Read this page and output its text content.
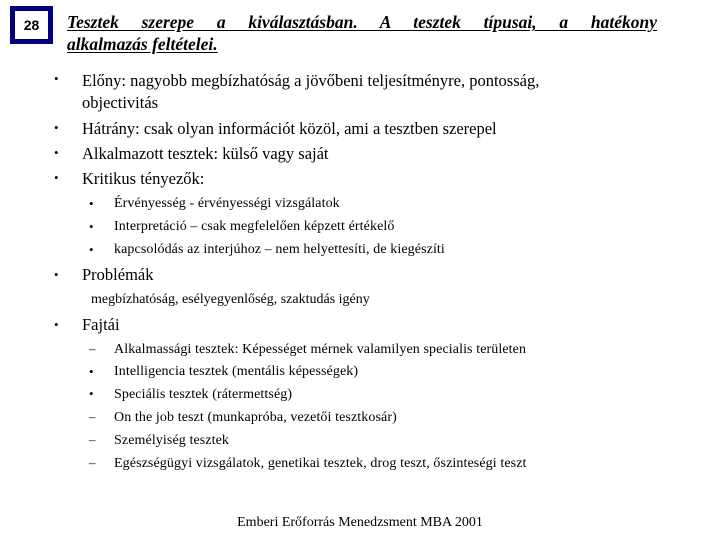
28	Tesztek szerepe a kiválasztásban. A tesztek típusai, a hatékony
alkalmazás feltételei.
• Előny: nagyobb megbízhatóság a jövőbeni teljesítményre, pontosság,
objectivitás
• Hátrány: csak olyan információt közöl, ami a tesztben szerepel
• Alkalmazott tesztek: külső vagy saját
• Kritikus tényezők:
• Érvényesség - érvényességi vizsgálatok
• Interpretáció – csak megfelelően képzett értékelő
• kapcsolódás az interjúhoz – nem helyettesíti, de kiegészíti
• Problémák
megbízhatóság, esélyegyenlőség, szaktudás igény
• Fajtái
– Alkalmassági tesztek: Képességet mérnek valamilyen specialis területen
• Intelligencia tesztek (mentális képességek)
• Speciális tesztek (rátermettség)
– On the job teszt (munkapróba, vezetői tesztkosár)
– Személyiség tesztek
– Egészségügyi vizsgálatok, genetikai tesztek, drog teszt, őszinteségi teszt
Emberi Erőforrás Menedzsment MBA 2001
